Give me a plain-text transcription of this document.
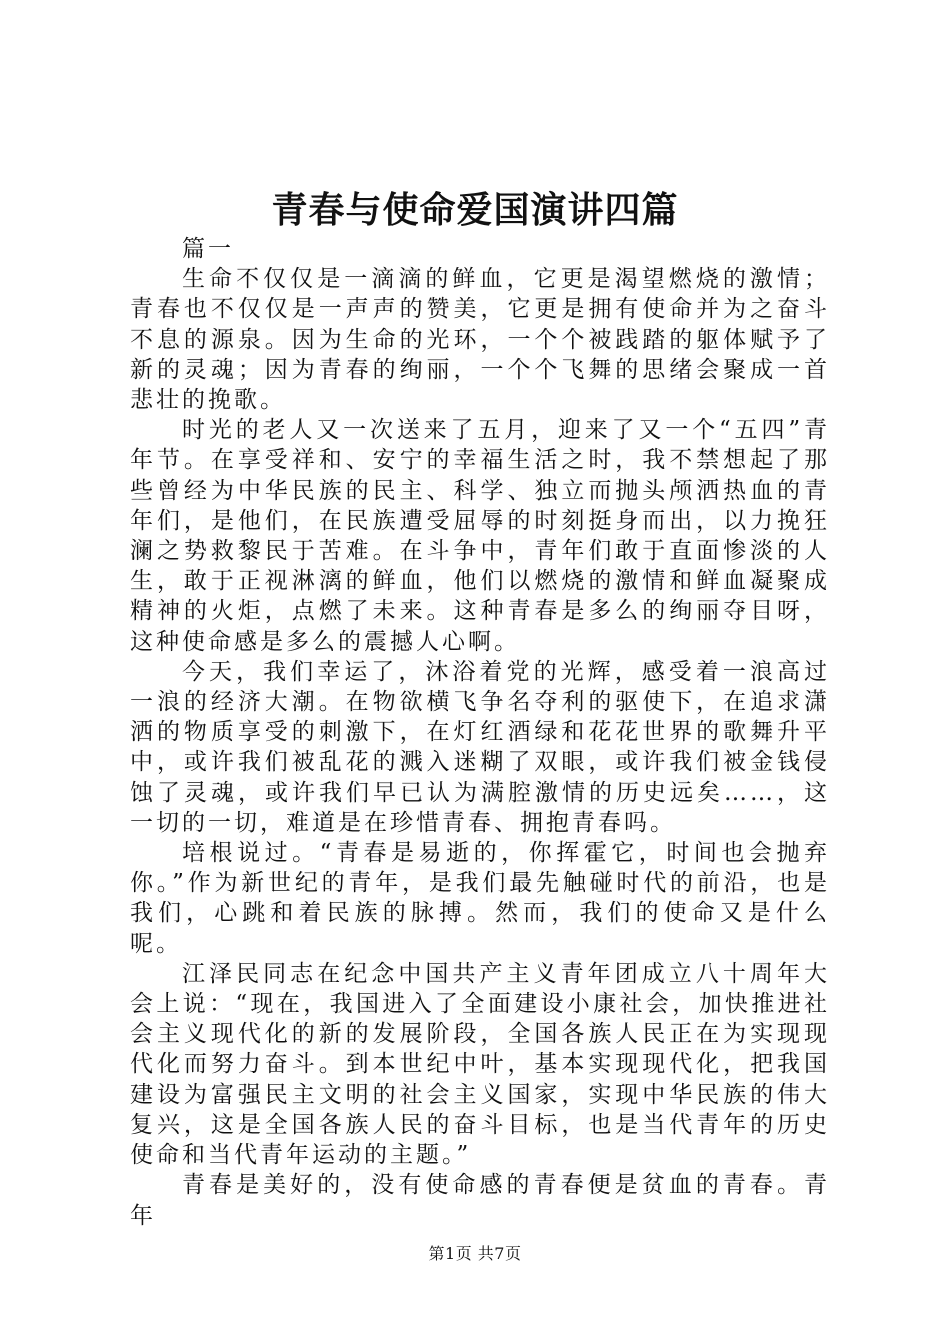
青春与使命爱国演讲四篇

篇一

生命不仅仅是一滴滴的鲜血，它更是渴望燃烧的激情；青春也不仅仅是一声声的赞美，它更是拥有使命并为之奋斗不息的源泉。因为生命的光环，一个个被践踏的躯体赋予了新的灵魂；因为青春的绚丽，一个个飞舞的思绪会聚成一首悲壮的挽歌。

时光的老人又一次送来了五月，迎来了又一个“五四”青年节。在享受祥和、安宁的幸福生活之时，我不禁想起了那些曾经为中华民族的民主、科学、独立而抛头颅洒热血的青年们，是他们，在民族遭受屈辱的时刻挺身而出，以力挽狂澜之势救黎民于苦难。在斗争中，青年们敢于直面惨淡的人生，敢于正视淋漓的鲜血，他们以燃烧的激情和鲜血凝聚成精神的火炬，点燃了未来。这种青春是多么的绚丽夺目呀，这种使命感是多么的震撼人心啊。

今天，我们幸运了，沐浴着党的光辉，感受着一浪高过一浪的经济大潮。在物欲横飞争名夺利的驱使下，在追求潇洒的物质享受的刺激下，在灯红酒绿和花花世界的歌舞升平中，或许我们被乱花的溅入迷糊了双眼，或许我们被金钱侵蚀了灵魂，或许我们早已认为满腔激情的历史远矣……，这一切的一切，难道是在珍惜青春、拥抱青春吗。

培根说过。“青春是易逝的，你挥霍它，时间也会抛弃你。”作为新世纪的青年，是我们最先触碰时代的前沿，也是我们，心跳和着民族的脉搏。然而，我们的使命又是什么呢。

江泽民同志在纪念中国共产主义青年团成立八十周年大会上说：“现在，我国进入了全面建设小康社会，加快推进社会主义现代化的新的发展阶段，全国各族人民正在为实现现代化而努力奋斗。到本世纪中叶，基本实现现代化，把我国建设为富强民主文明的社会主义国家，实现中华民族的伟大复兴，这是全国各族人民的奋斗目标，也是当代青年的历史使命和当代青年运动的主题。”

青春是美好的，没有使命感的青春便是贫血的青春。青年

第1页 共7页
